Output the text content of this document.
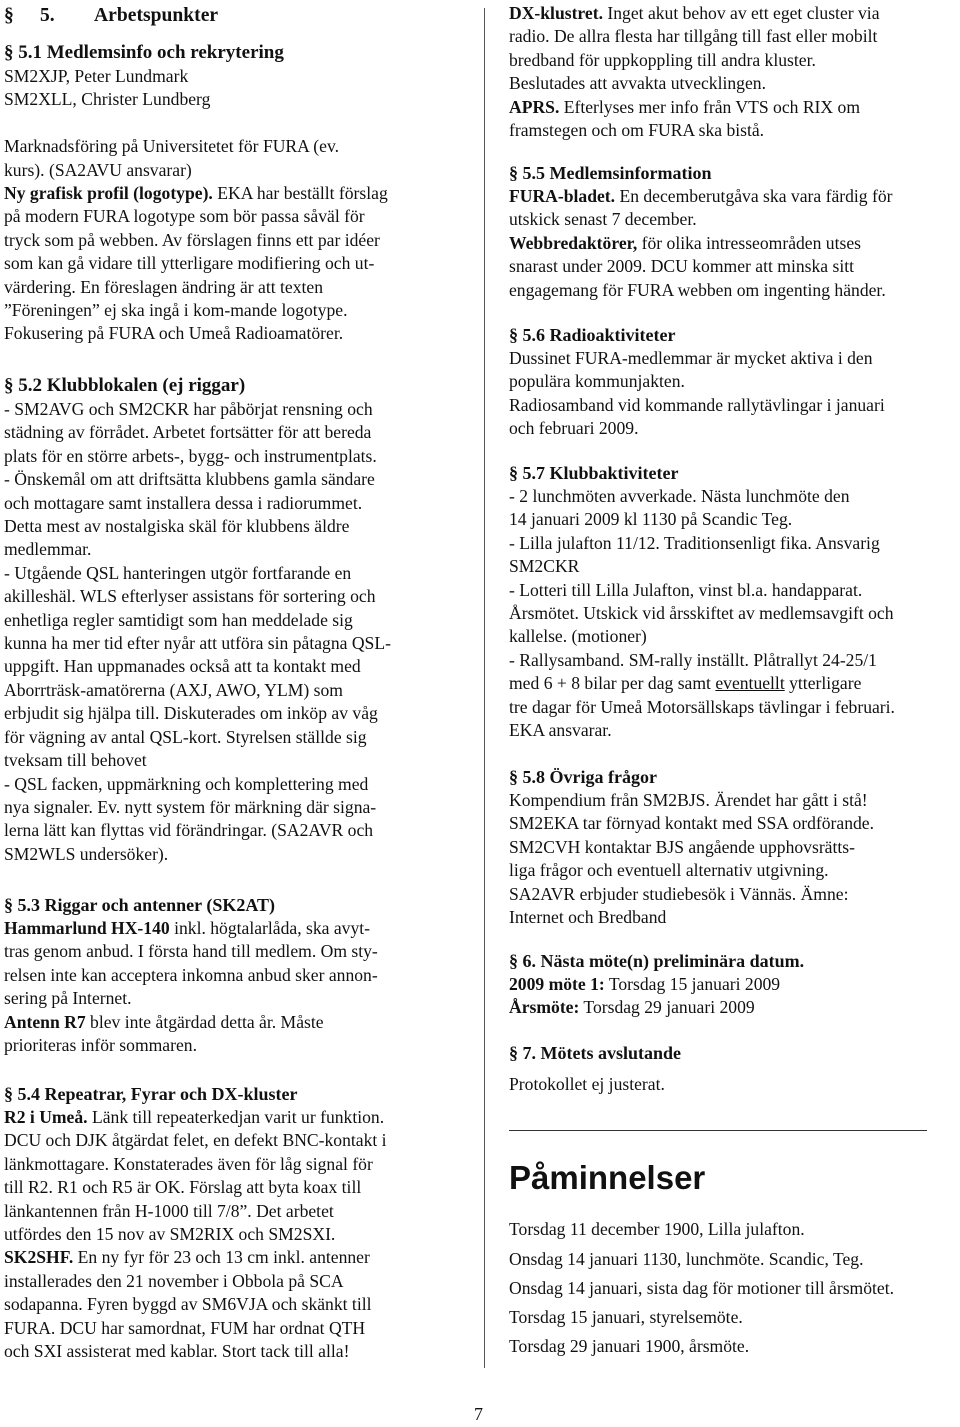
§ 5. Arbetspunkter
§ 5.1 Medlemsinfo och rekrytering
SM2XJP, Peter Lundmark
SM2XLL, Christer Lundberg

Marknadsföring på Universitetet för FURA (ev.
kurs). (SA2AVU ansvarar)
Ny grafisk profil (logotype). EKA har beställt förslag
på modern FURA logotype som bör passa såväl för
tryck som på webben. Av förslagen finns ett par idéer
som kan gå vidare till ytterligare modifiering och ut-
värdering. En föreslagen ändring är att texten
”Föreningen” ej ska ingå i kom-mande logotype.
Fokusering på FURA och Umeå Radioamatörer.
§ 5.2 Klubblokalen (ej riggar)
- SM2AVG och SM2CKR har påbörjat rensning och
städning av förrådet. Arbetet fortsätter för att bereda
plats för en större arbets-, bygg- och instrumentplats.
- Önskemål om att driftsätta klubbens gamla sändare
och mottagare samt installera dessa i radiorummet.
Detta mest av nostalgiska skäl för klubbens äldre
medlemmar.
- Utgående QSL hanteringen utgör fortfarande en
akilleshäl. WLS efterlyser assistans för sortering och
enhetliga regler samtidigt som han meddelade sig
kunna ha mer tid efter nyår att utföra sin påtagna QSL-
uppgift. Han uppmanades också att ta kontakt med
Aborrträsk-amatörerna (AXJ, AWO, YLM) som
erbjudit sig hjälpa till. Diskuterades om inköp av våg
för vägning av antal QSL-kort. Styrelsen ställde sig
tveksam till behovet
- QSL facken, uppmärkning och komplettering med
nya signaler. Ev. nytt system för märkning där signa-
lerna lätt kan flyttas vid förändringar. (SA2AVR och
SM2WLS undersöker).
§ 5.3 Riggar och antenner (SK2AT)
Hammarlund HX-140 inkl. högtalarlåda, ska avyt-
tras genom anbud. I första hand till medlem. Om sty-
relsen inte kan acceptera inkomna anbud sker annon-
sering på Internet.
Antenn R7 blev inte åtgärdad detta år. Måste
prioriteras inför sommaren.
§ 5.4 Repeatrar, Fyrar och DX-kluster
R2 i Umeå. Länk till repeaterkedjan varit ur funktion.
DCU och DJK åtgärdat felet, en defekt BNC-kontakt i
länkmottagare. Konstaterades även för låg signal för
till R2. R1 och R5 är OK. Förslag att byta koax till
länkantennen från H-1000 till 7/8”. Det arbetet
utfördes den 15 nov av SM2RIX och SM2SXI.
SK2SHF. En ny fyr för 23 och 13 cm inkl. antenner
installerades den 21 november i Obbola på SCA
sodapanna. Fyren byggd av SM6VJA och skänkt till
FURA. DCU har samordnat, FUM har ordnat QTH
och SXI assisterat med kablar. Stort tack till alla!
DX-klustret. Inget akut behov av ett eget cluster via
radio. De allra flesta har tillgång till fast eller mobilt
bredband för uppkoppling till andra kluster.
Beslutades att avvakta utvecklingen.
APRS. Efterlyses mer info från VTS och RIX om
framstegen och om FURA ska bistå.
§ 5.5 Medlemsinformation
FURA-bladet. En decemberutgåva ska vara färdig för
utskick senast 7 december.
Webbredaktörer, för olika intresseområden utses
snarast under 2009. DCU kommer att minska sitt
engagemang för FURA webben om ingenting händer.
§ 5.6 Radioaktiviteter
Dussinet FURA-medlemmar är mycket aktiva i den
populära kommunjakten.
Radiosamband vid kommande rallytävlingar i januari
och februari 2009.
§ 5.7 Klubbaktiviteter
- 2 lunchmöten avverkade. Nästa lunchmöte den
14 januari 2009 kl 1130 på Scandic Teg.
- Lilla julafton 11/12. Traditionsenligt fika. Ansvarig
SM2CKR
- Lotteri till Lilla Julafton, vinst bl.a. handapparat.
Årsmötet. Utskick vid årsskiftet av medlemsavgift och
kallelse. (motioner)
- Rallysamband. SM-rally inställt. Plåtrallyt 24-25/1
med 6 + 8 bilar per dag samt eventuellt ytterligare
tre dagar för Umeå Motorsällskaps tävlingar i februari.
EKA ansvarar.
§ 5.8 Övriga frågor
Kompendium från SM2BJS. Ärendet har gått i stå!
SM2EKA tar förnyad kontakt med SSA ordförande.
SM2CVH kontaktar BJS angående upphovsrätts-
liga frågor och eventuell alternativ utgivning.
SA2AVR erbjuder studiebesök i Vännäs. Ämne:
Internet och Bredband
§ 6. Nästa möte(n) preliminära datum.
2009 möte 1: Torsdag 15 januari 2009
Årsmöte: Torsdag 29 januari 2009
§ 7. Mötets avslutande
Protokollet ej justerat.
Påminnelser
Torsdag 11 december 1900, Lilla julafton.
Onsdag 14 januari 1130, lunchmöte. Scandic, Teg.
Onsdag 14 januari, sista dag för motioner till årsmötet.
Torsdag 15 januari, styrelsemöte.
Torsdag 29 januari 1900, årsmöte.
7
